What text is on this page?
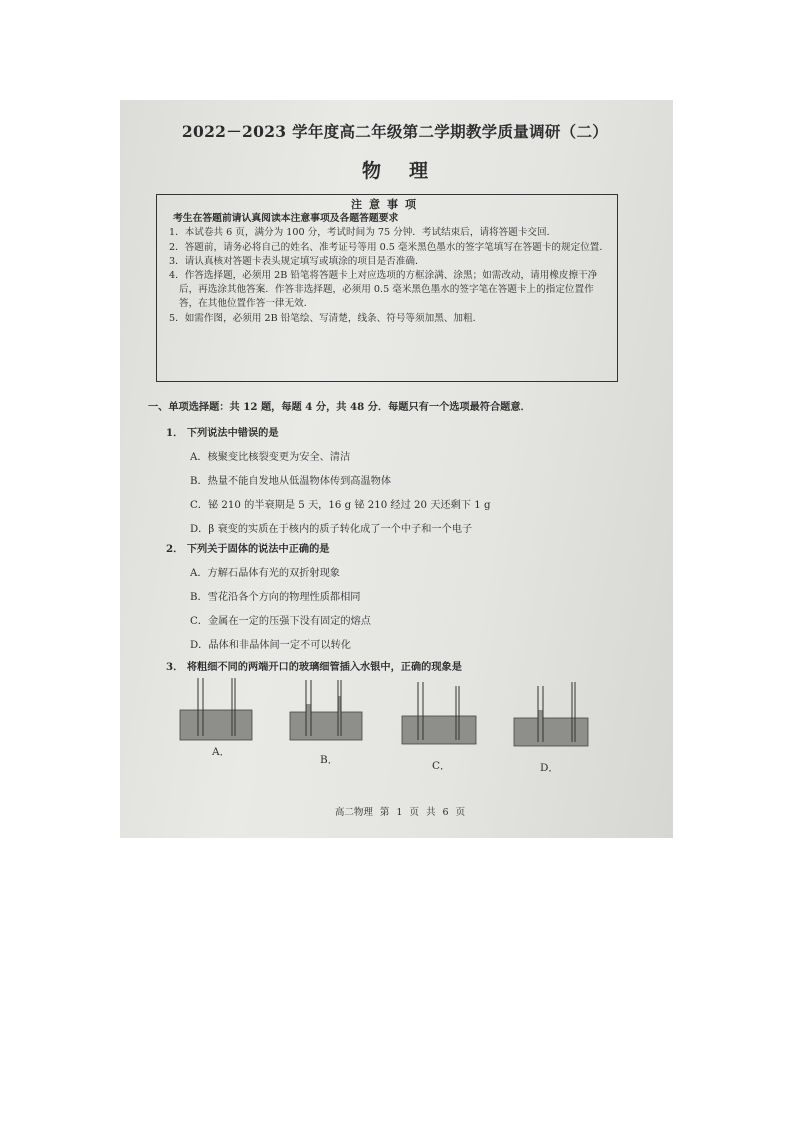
2022－2023 学年度高二年级第二学期教学质量调研（二）
物理
注意事项
考生在答题前请认真阅读本注意事项及各题答题要求
1．本试卷共 6 页，满分为 100 分，考试时间为 75 分钟．考试结束后，请将答题卡交回．
2．答题前，请务必将自己的姓名、准考证号等用 0.5 毫米黑色墨水的签字笔填写在答题卡的规定位置．
3．请认真核对答题卡表头规定填写或填涂的项目是否准确．
4．作答选择题，必须用 2B 铅笔将答题卡上对应选项的方框涂满、涂黑；如需改动，请用橡皮擦干净后，再选涂其他答案．作答非选择题，必须用 0.5 毫米黑色墨水的签字笔在答题卡上的指定位置作答，在其他位置作答一律无效．
5．如需作图，必须用 2B 铅笔绘、写清楚，线条、符号等须加黑、加粗．
一、单项选择题：共 12 题，每题 4 分，共 48 分．每题只有一个选项最符合题意．
1． 下列说法中错误的是
A．核聚变比核裂变更为安全、清洁
B．热量不能自发地从低温物体传到高温物体
C．铋 210 的半衰期是 5 天，16 g 铋 210 经过 20 天还剩下 1 g
D．β 衰变的实质在于核内的质子转化成了一个中子和一个电子
2． 下列关于固体的说法中正确的是
A．方解石晶体有光的双折射现象
B．雪花沿各个方向的物理性质都相同
C．金属在一定的压强下没有固定的熔点
D．晶体和非晶体间一定不可以转化
3． 将粗细不同的两端开口的玻璃细管插入水银中，正确的现象是
A．
B．	C．	D．
高二物理 第 1 页 共 6 页
